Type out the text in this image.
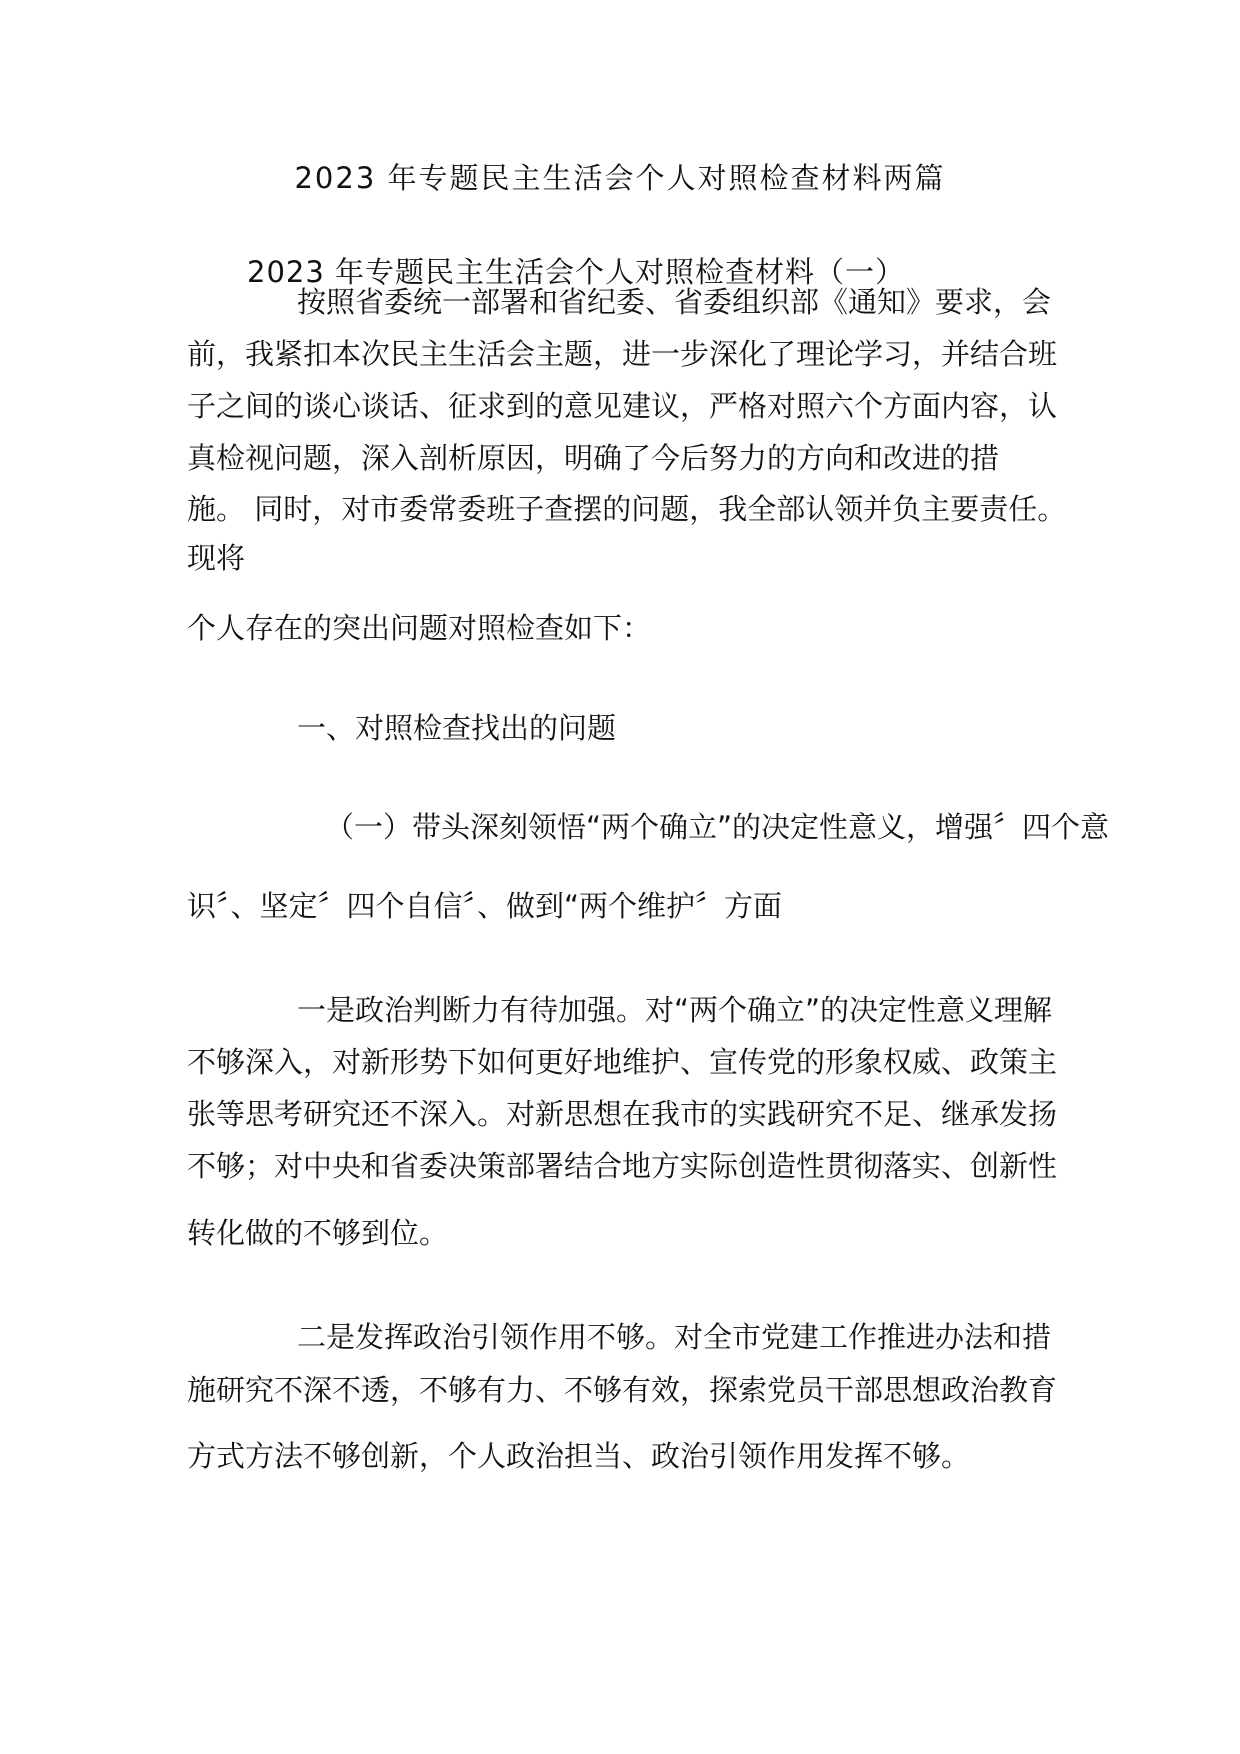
2023 年专题民主生活会个人对照检查材料两篇
2023 年专题民主生活会个人对照检查材料（一）

按照省委统一部署和省纪委、省委组织部《通知》要求，会

前，我紧扣本次民主生活会主题，进一步深化了理论学习，并结合班

子之间的谈心谈话、征求到的意见建议，严格对照六个方面内容，认

真检视问题，深入剖析原因，明确了今后努力的方向和改进的措

施。 同时，对市委常委班子查摆的问题，我全部认领并负主要责任。

现将

个人存在的突出问题对照检查如下：

一、对照检查找出的问题

（一）带头深刻领悟“两个确立”的决定性意义，增强〞四个意

识〞、坚定〞四个自信〞、做到“两个维护〞方面

一是政治判断力有待加强。对“两个确立”的决定性意义理解

不够深入，对新形势下如何更好地维护、宣传党的形象权威、政策主

张等思考研究还不深入。对新思想在我市的实践研究不足、继承发扬

不够；对中央和省委决策部署结合地方实际创造性贯彻落实、创新性

转化做的不够到位。

二是发挥政治引领作用不够。对全市党建工作推进办法和措

施研究不深不透，不够有力、不够有效，探索党员干部思想政治教育

方式方法不够创新，个人政治担当、政治引领作用发挥不够。
